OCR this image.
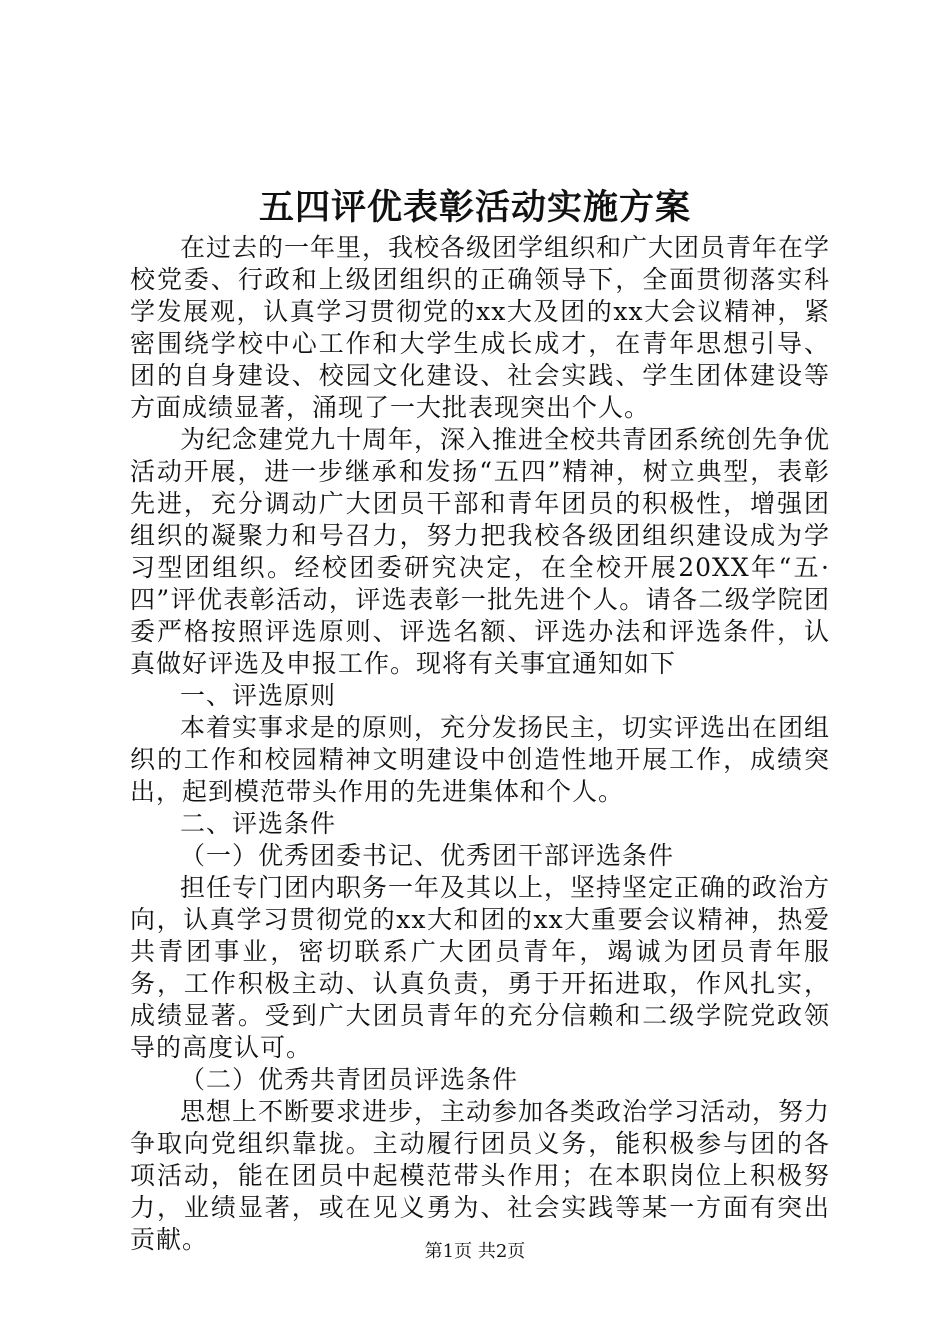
五四评优表彰活动实施方案

在过去的一年里，我校各级团学组织和广大团员青年在学校党委、行政和上级团组织的正确领导下，全面贯彻落实科学发展观，认真学习贯彻党的xx大及团的xx大会议精神，紧密围绕学校中心工作和大学生成长成才，在青年思想引导、团的自身建设、校园文化建设、社会实践、学生团体建设等方面成绩显著，涌现了一大批表现突出个人。

为纪念建党九十周年，深入推进全校共青团系统创先争优活动开展，进一步继承和发扬“五四”精神，树立典型，表彰先进，充分调动广大团员干部和青年团员的积极性，增强团组织的凝聚力和号召力，努力把我校各级团组织建设成为学习型团组织。经校团委研究决定，在全校开展20XX年“五·四”评优表彰活动，评选表彰一批先进个人。请各二级学院团委严格按照评选原则、评选名额、评选办法和评选条件，认真做好评选及申报工作。现将有关事宜通知如下

一、评选原则

本着实事求是的原则，充分发扬民主，切实评选出在团组织的工作和校园精神文明建设中创造性地开展工作，成绩突出，起到模范带头作用的先进集体和个人。

二、评选条件

（一）优秀团委书记、优秀团干部评选条件

担任专门团内职务一年及其以上，坚持坚定正确的政治方向，认真学习贯彻党的xx大和团的xx大重要会议精神，热爱共青团事业，密切联系广大团员青年，竭诚为团员青年服务，工作积极主动、认真负责，勇于开拓进取，作风扎实，成绩显著。受到广大团员青年的充分信赖和二级学院党政领导的高度认可。

（二）优秀共青团员评选条件

思想上不断要求进步，主动参加各类政治学习活动，努力争取向党组织靠拢。主动履行团员义务，能积极参与团的各项活动，能在团员中起模范带头作用；在本职岗位上积极努力，业绩显著，或在见义勇为、社会实践等某一方面有突出贡献。	第1页 共2页
